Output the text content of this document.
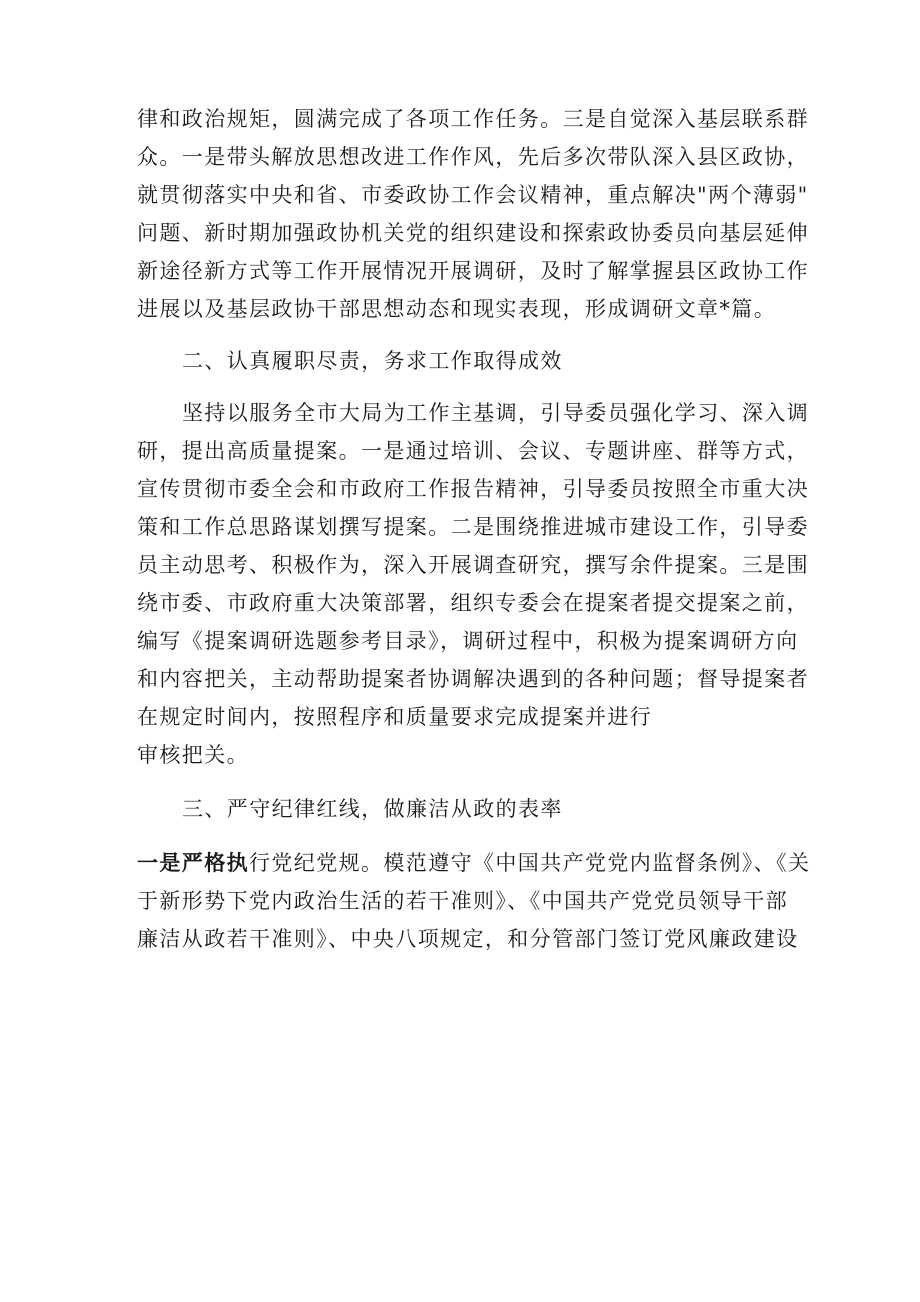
律和政治规矩，圆满完成了各项工作任务。三是自觉深入基层联系群
众。一是带头解放思想改进工作作风，先后多次带队深入县区政协，
就贯彻落实中央和省、市委政协工作会议精神，重点解决"两个薄弱"
问题、新时期加强政协机关党的组织建设和探索政协委员向基层延伸
新途径新方式等工作开展情况开展调研，及时了解掌握县区政协工作
进展以及基层政协干部思想动态和现实表现，形成调研文章*篇。
二、认真履职尽责，务求工作取得成效
坚持以服务全市大局为工作主基调，引导委员强化学习、深入调
研，提出高质量提案。一是通过培训、会议、专题讲座、群等方式，
宣传贯彻市委全会和市政府工作报告精神，引导委员按照全市重大决
策和工作总思路谋划撰写提案。二是围绕推进城市建设工作，引导委
员主动思考、积极作为，深入开展调查研究，撰写余件提案。三是围
绕市委、市政府重大决策部署，组织专委会在提案者提交提案之前，
编写《提案调研选题参考目录》，调研过程中，积极为提案调研方向
和内容把关，主动帮助提案者协调解决遇到的各种问题；督导提案者
在规定时间内，按照程序和质量要求完成提案并进行
审核把关。
三、严守纪律红线，做廉洁从政的表率
一是严格执行党纪党规。模范遵守《中国共产党党内监督条例》、《关
于新形势下党内政治生活的若干准则》、《中国共产党党员领导干部
廉洁从政若干准则》、中央八项规定，和分管部门签订党风廉政建设
